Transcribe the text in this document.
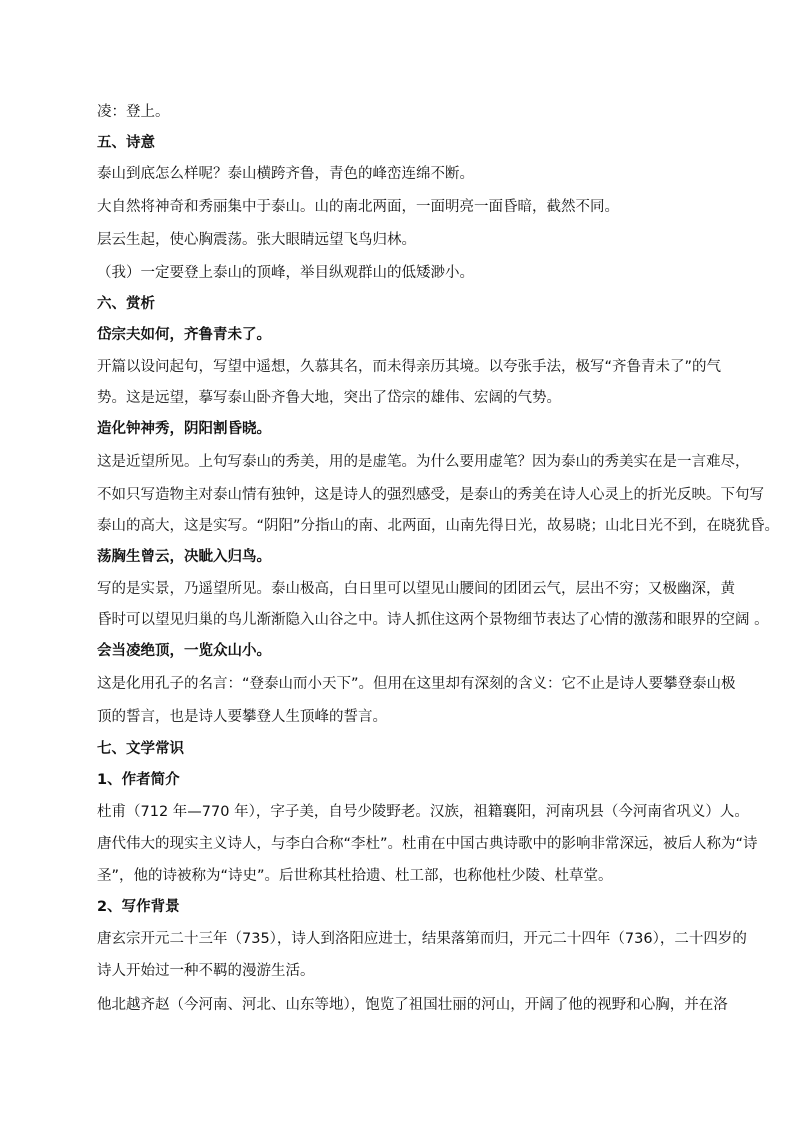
凌：登上。
五、诗意
泰山到底怎么样呢？泰山横跨齐鲁，青色的峰峦连绵不断。
大自然将神奇和秀丽集中于泰山。山的南北两面，一面明亮一面昏暗，截然不同。
层云生起，使心胸震荡。张大眼睛远望飞鸟归林。
（我）一定要登上泰山的顶峰，举目纵观群山的低矮渺小。
六、赏析
岱宗夫如何，齐鲁青未了。
开篇以设问起句，写望中遥想，久慕其名，而未得亲历其境。以夸张手法，极写“齐鲁青未了”的气
势。这是远望，摹写泰山卧齐鲁大地，突出了岱宗的雄伟、宏阔的气势。
造化钟神秀，阴阳割昏晓。
这是近望所见。上句写泰山的秀美，用的是虚笔。为什么要用虚笔？因为泰山的秀美实在是一言难尽，
不如只写造物主对泰山情有独钟，这是诗人的强烈感受，是泰山的秀美在诗人心灵上的折光反映。下句写
泰山的高大，这是实写。“阴阳”分指山的南、北两面，山南先得日光，故易晓；山北日光不到，在晓犹昏。
荡胸生曾云，决眦入归鸟。
写的是实景，乃遥望所见。泰山极高，白日里可以望见山腰间的团团云气，层出不穷；又极幽深，黄
昏时可以望见归巢的鸟儿渐渐隐入山谷之中。诗人抓住这两个景物细节表达了心情的激荡和眼界的空阔 。
会当凌绝顶，一览众山小。
这是化用孔子的名言：“登泰山而小天下”。但用在这里却有深刻的含义：它不止是诗人要攀登泰山极
顶的誓言，也是诗人要攀登人生顶峰的誓言。
七、文学常识
1、作者简介
杜甫（712 年—770 年），字子美，自号少陵野老。汉族，祖籍襄阳，河南巩县（今河南省巩义）人。
唐代伟大的现实主义诗人，与李白合称“李杜”。杜甫在中国古典诗歌中的影响非常深远，被后人称为“诗
圣”，他的诗被称为“诗史”。后世称其杜拾遗、杜工部，也称他杜少陵、杜草堂。
2、写作背景
唐玄宗开元二十三年（735），诗人到洛阳应进士，结果落第而归，开元二十四年（736），二十四岁的
诗人开始过一种不羁的漫游生活。
他北越齐赵（今河南、河北、山东等地），饱览了祖国壮丽的河山，开阔了他的视野和心胸，并在洛
